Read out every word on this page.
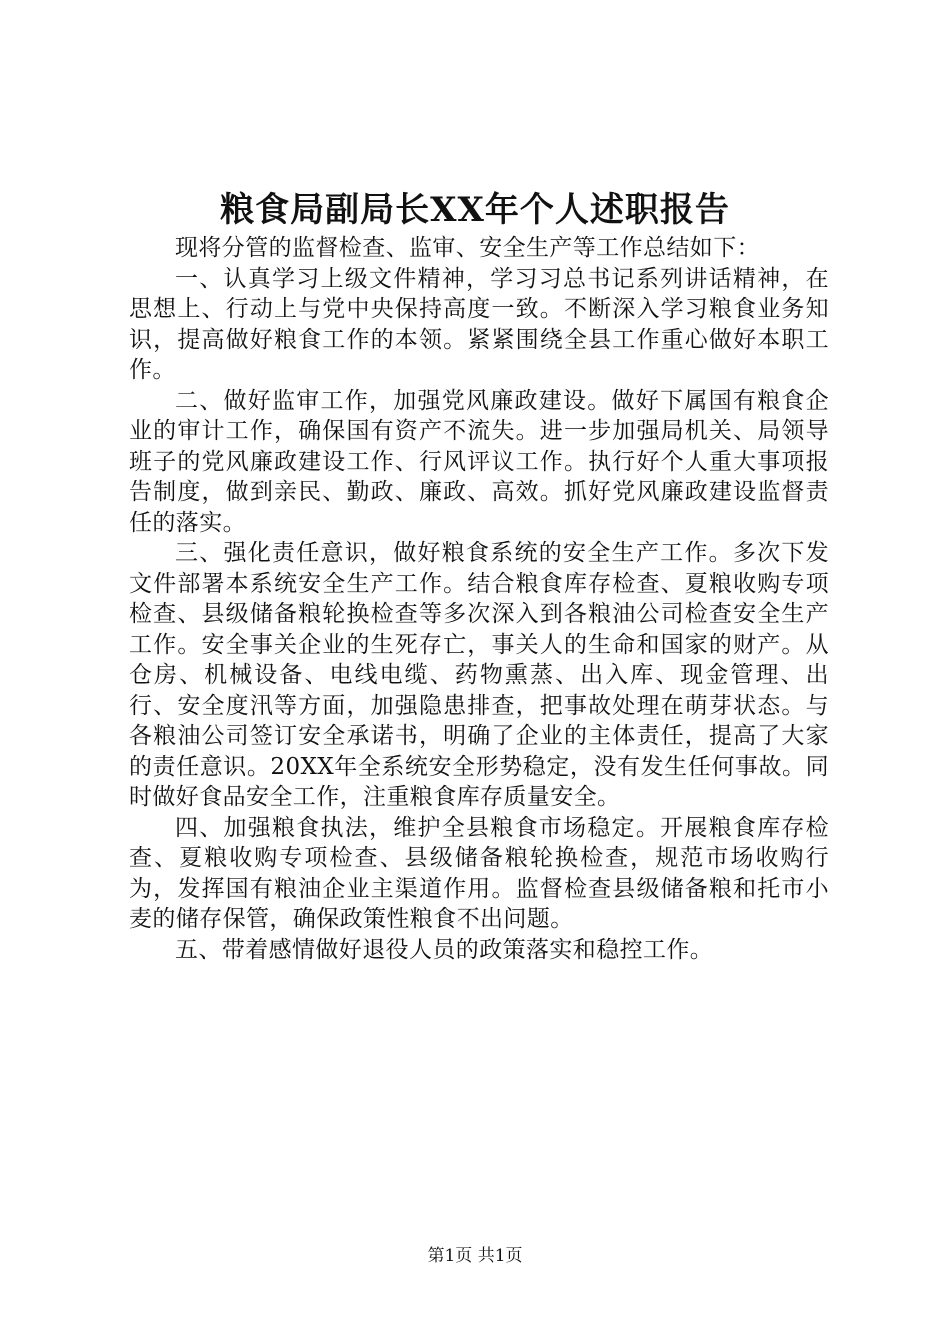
粮食局副局长XX年个人述职报告

现将分管的监督检查、监审、安全生产等工作总结如下：

一、认真学习上级文件精神，学习习总书记系列讲话精神，在思想上、行动上与党中央保持高度一致。不断深入学习粮食业务知识，提高做好粮食工作的本领。紧紧围绕全县工作重心做好本职工作。

二、做好监审工作，加强党风廉政建设。做好下属国有粮食企业的审计工作，确保国有资产不流失。进一步加强局机关、局领导班子的党风廉政建设工作、行风评议工作。执行好个人重大事项报告制度，做到亲民、勤政、廉政、高效。抓好党风廉政建设监督责任的落实。

三、强化责任意识，做好粮食系统的安全生产工作。多次下发文件部署本系统安全生产工作。结合粮食库存检查、夏粮收购专项检查、县级储备粮轮换检查等多次深入到各粮油公司检查安全生产工作。安全事关企业的生死存亡，事关人的生命和国家的财产。从仓房、机械设备、电线电缆、药物熏蒸、出入库、现金管理、出行、安全度汛等方面，加强隐患排查，把事故处理在萌芽状态。与各粮油公司签订安全承诺书，明确了企业的主体责任，提高了大家的责任意识。20XX年全系统安全形势稳定，没有发生任何事故。同时做好食品安全工作，注重粮食库存质量安全。

四、加强粮食执法，维护全县粮食市场稳定。开展粮食库存检查、夏粮收购专项检查、县级储备粮轮换检查，规范市场收购行为，发挥国有粮油企业主渠道作用。监督检查县级储备粮和托市小麦的储存保管，确保政策性粮食不出问题。

五、带着感情做好退役人员的政策落实和稳控工作。

第1页 共1页
